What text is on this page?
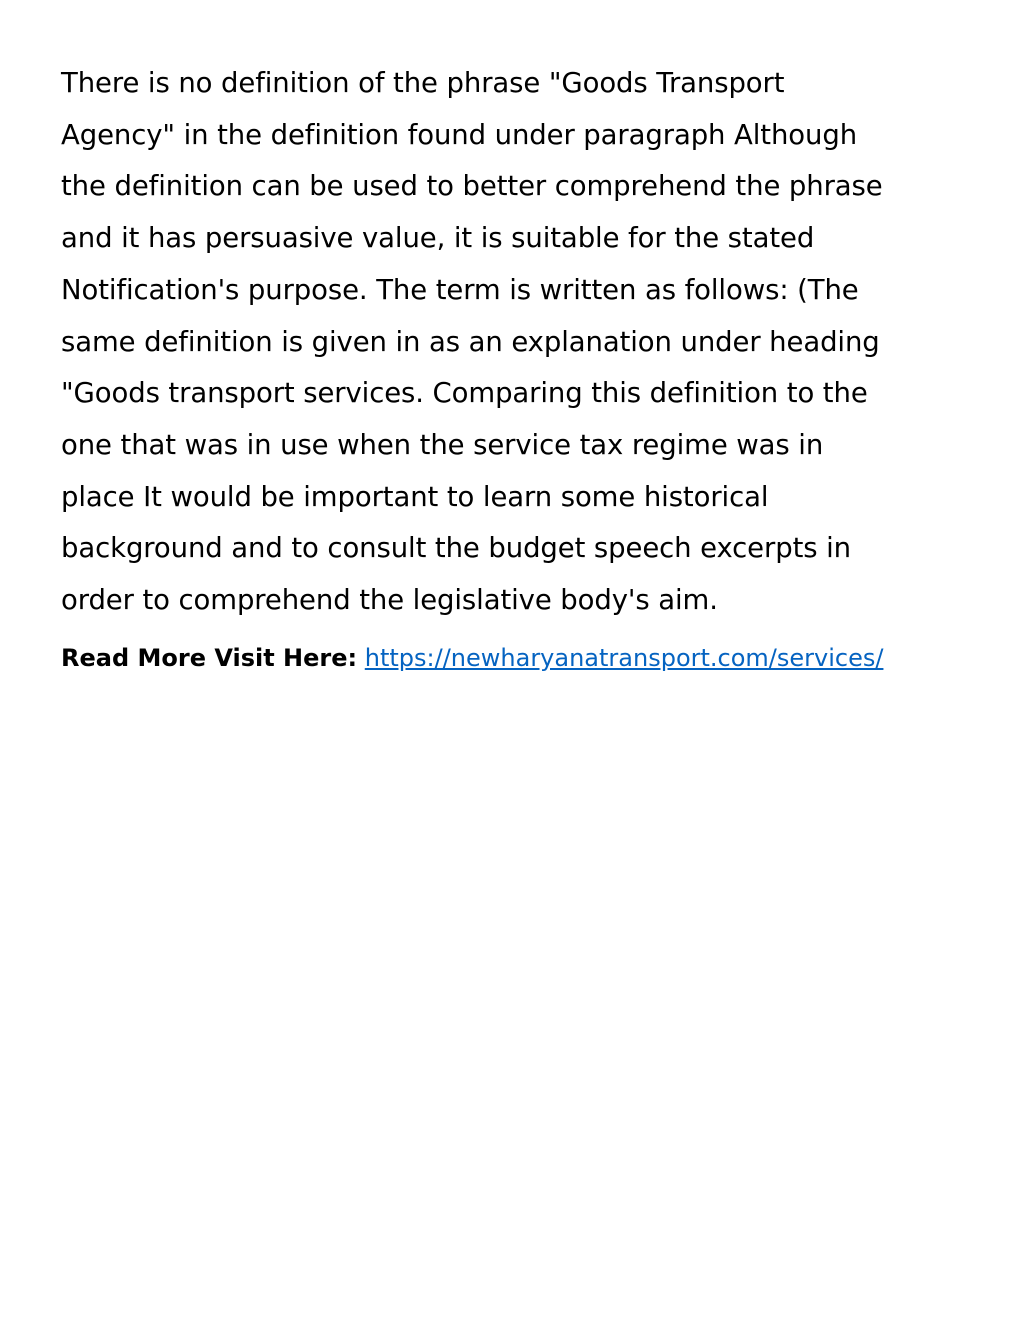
There is no definition of the phrase "Goods Transport
Agency" in the definition found under paragraph Although
the definition can be used to better comprehend the phrase
and it has persuasive value, it is suitable for the stated
Notification's purpose. The term is written as follows: (The
same definition is given in as an explanation under heading
"Goods transport services. Comparing this definition to the
one that was in use when the service tax regime was in
place It would be important to learn some historical
background and to consult the budget speech excerpts in
order to comprehend the legislative body's aim.

Read More Visit Here: https://newharyanatransport.com/services/
